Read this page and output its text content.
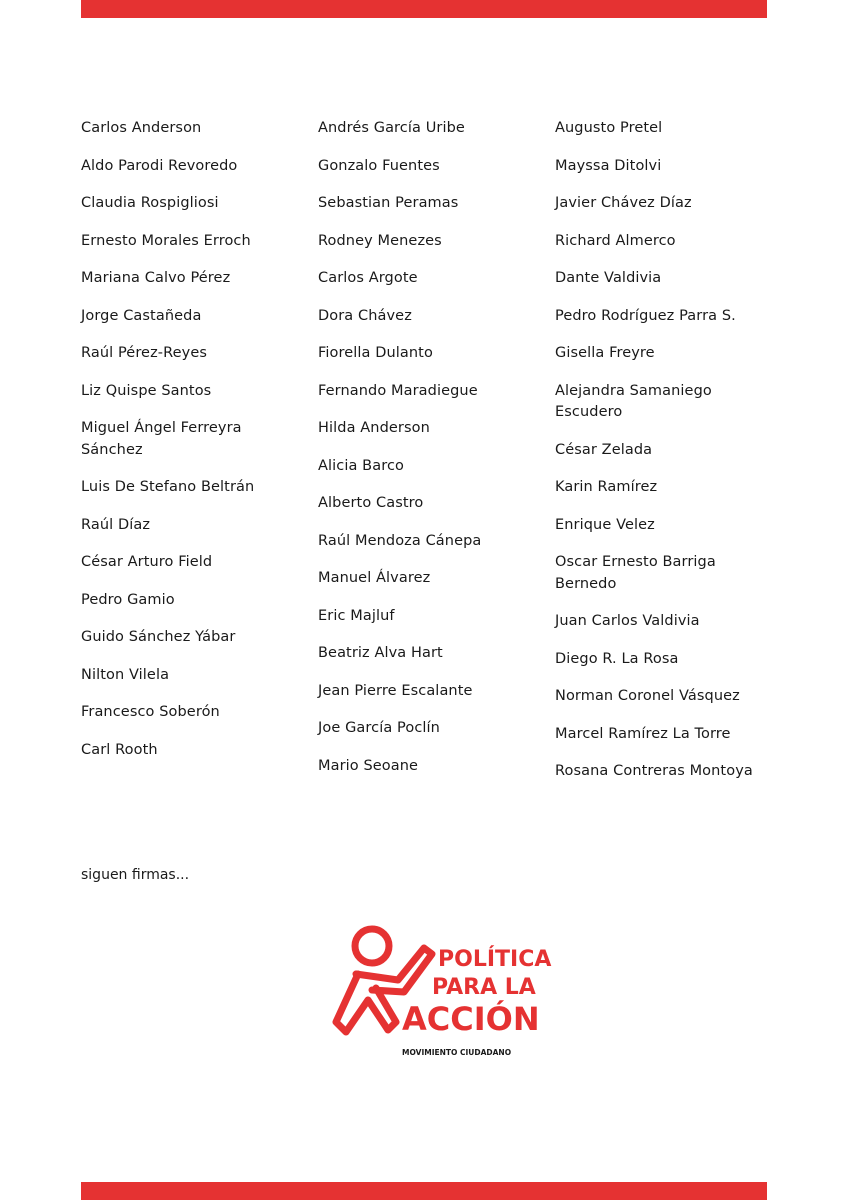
Carlos Anderson
Aldo Parodi Revoredo
Claudia Rospigliosi
Ernesto Morales Erroch
Mariana Calvo Pérez
Jorge Castañeda
Raúl Pérez-Reyes
Liz Quispe Santos
Miguel Ángel Ferreyra Sánchez
Luis De Stefano Beltrán
Raúl Díaz
César Arturo Field
Pedro Gamio
Guido Sánchez Yábar
Nilton Vilela
Francesco Soberón
Carl Rooth
Andrés García Uribe
Gonzalo Fuentes
Sebastian Peramas
Rodney Menezes
Carlos Argote
Dora Chávez
Fiorella Dulanto
Fernando Maradiegue
Hilda Anderson
Alicia Barco
Alberto Castro
Raúl Mendoza Cánepa
Manuel Álvarez
Eric Majluf
Beatriz Alva Hart
Jean Pierre Escalante
Joe García Poclín
Mario Seoane
Augusto Pretel
Mayssa Ditolvi
Javier Chávez Díaz
Richard Almerco
Dante Valdivia
Pedro Rodríguez Parra S.
Gisella Freyre
Alejandra Samaniego Escudero
César Zelada
Karin Ramírez
Enrique Velez
Oscar Ernesto Barriga Bernedo
Juan Carlos Valdivia
Diego R. La Rosa
Norman Coronel Vásquez
Marcel Ramírez La Torre
Rosana Contreras Montoya
siguen firmas...
POLÍTICA
PARA LA
ACCIÓN
MOVIMIENTO CIUDADANO
